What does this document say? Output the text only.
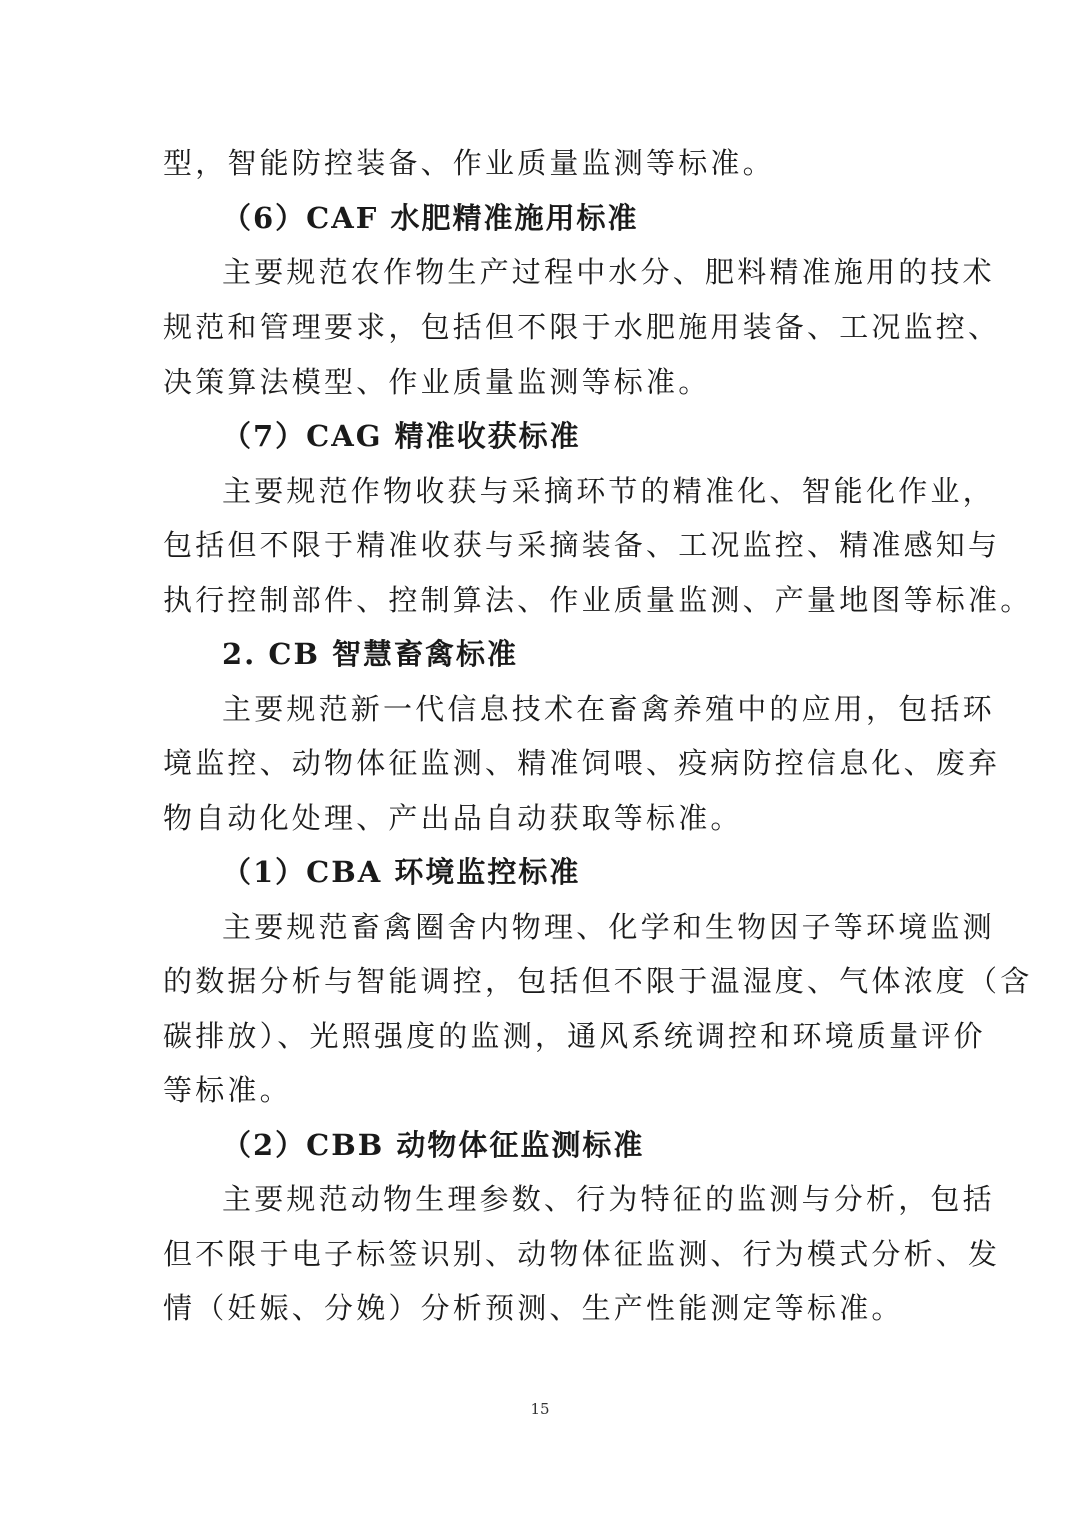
型，智能防控装备、作业质量监测等标准。
（6）CAF 水肥精准施用标准
主要规范农作物生产过程中水分、肥料精准施用的技术
规范和管理要求，包括但不限于水肥施用装备、工况监控、
决策算法模型、作业质量监测等标准。
（7）CAG 精准收获标准
主要规范作物收获与采摘环节的精准化、智能化作业，
包括但不限于精准收获与采摘装备、工况监控、精准感知与
执行控制部件、控制算法、作业质量监测、产量地图等标准。
2. CB 智慧畜禽标准
主要规范新一代信息技术在畜禽养殖中的应用，包括环
境监控、动物体征监测、精准饲喂、疫病防控信息化、废弃
物自动化处理、产出品自动获取等标准。
（1）CBA 环境监控标准
主要规范畜禽圈舍内物理、化学和生物因子等环境监测
的数据分析与智能调控，包括但不限于温湿度、气体浓度（含
碳排放）、光照强度的监测，通风系统调控和环境质量评价
等标准。
（2）CBB 动物体征监测标准
主要规范动物生理参数、行为特征的监测与分析，包括
但不限于电子标签识别、动物体征监测、行为模式分析、发
情（妊娠、分娩）分析预测、生产性能测定等标准。
15
